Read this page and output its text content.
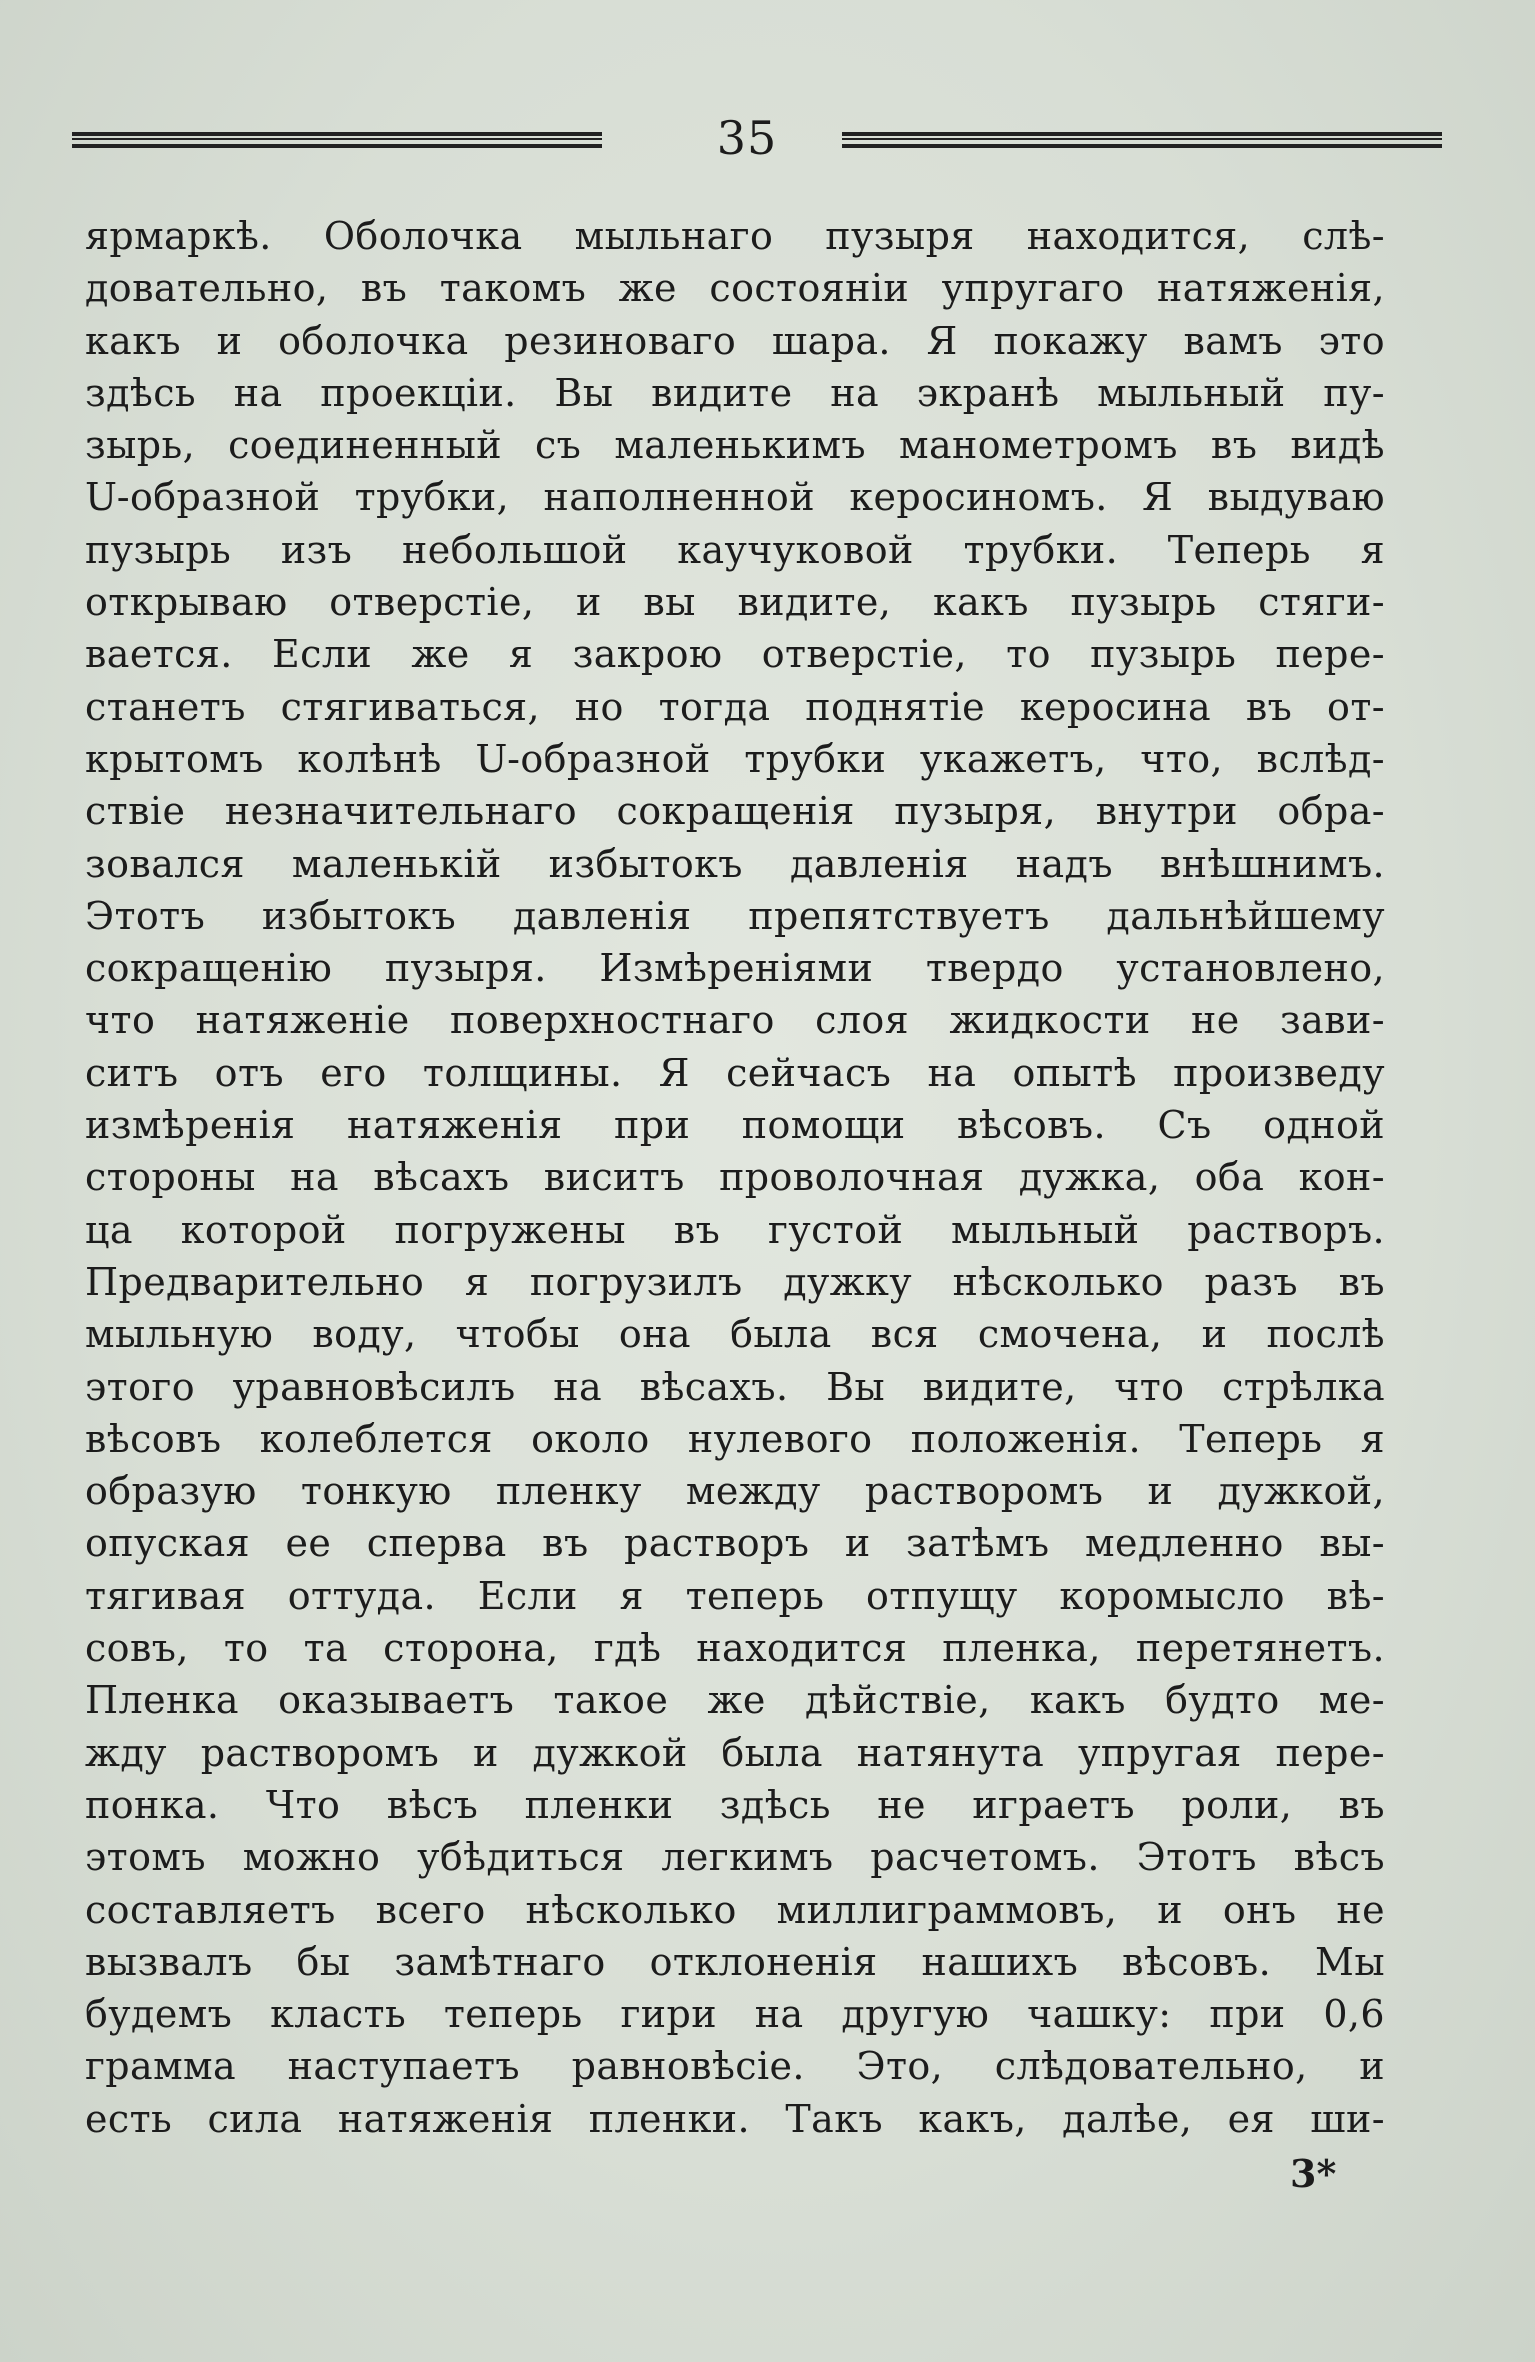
35
ярмаркѣ. Оболочка мыльнаго пузыря находится, слѣ-
довательно, въ такомъ же состоянiи упругаго натяженiя,
какъ и оболочка резиноваго шара. Я покажу вамъ это
здѣсь на проекцiи. Вы видите на экранѣ мыльный пу-
зырь, соединенный съ маленькимъ манометромъ въ видѣ
U-образной трубки, наполненной керосиномъ. Я выдуваю
пузырь изъ небольшой каучуковой трубки. Теперь я
открываю отверстiе, и вы видите, какъ пузырь стяги-
вается. Если же я закрою отверстiе, то пузырь пере-
станетъ стягиваться, но тогда поднятiе керосина въ от-
крытомъ колѣнѣ U-образной трубки укажетъ, что, вслѣд-
ствiе незначительнаго сокращенiя пузыря, внутри обра-
зовался маленькiй избытокъ давленiя надъ внѣшнимъ.
Этотъ избытокъ давленiя препятствуетъ дальнѣйшему
сокращенiю пузыря. Измѣренiями твердо установлено,
что натяженiе поверхностнаго слоя жидкости не зави-
ситъ отъ его толщины. Я сейчасъ на опытѣ произведу
измѣренiя натяженiя при помощи вѣсовъ. Съ одной
стороны на вѣсахъ виситъ проволочная дужка, оба кон-
ца которой погружены въ густой мыльный растворъ.
Предварительно я погрузилъ дужку нѣсколько разъ въ
мыльную воду, чтобы она была вся смочена, и послѣ
этого уравновѣсилъ на вѣсахъ. Вы видите, что стрѣлка
вѣсовъ колеблется около нулевого положенiя. Теперь я
образую тонкую пленку между растворомъ и дужкой,
опуская ее сперва въ растворъ и затѣмъ медленно вы-
тягивая оттуда. Если я теперь отпущу коромысло вѣ-
совъ, то та сторона, гдѣ находится пленка, перетянетъ.
Пленка оказываетъ такое же дѣйствiе, какъ будто ме-
жду растворомъ и дужкой была натянута упругая пере-
понка. Что вѣсъ пленки здѣсь не играетъ роли, въ
этомъ можно убѣдиться легкимъ расчетомъ. Этотъ вѣсъ
составляетъ всего нѣсколько миллиграммовъ, и онъ не
вызвалъ бы замѣтнаго отклоненiя нашихъ вѣсовъ. Мы
будемъ класть теперь гири на другую чашку: при 0,6
грамма наступаетъ равновѣсiе. Это, слѣдовательно, и
есть сила натяженiя пленки. Такъ какъ, далѣе, ея ши-
3*
